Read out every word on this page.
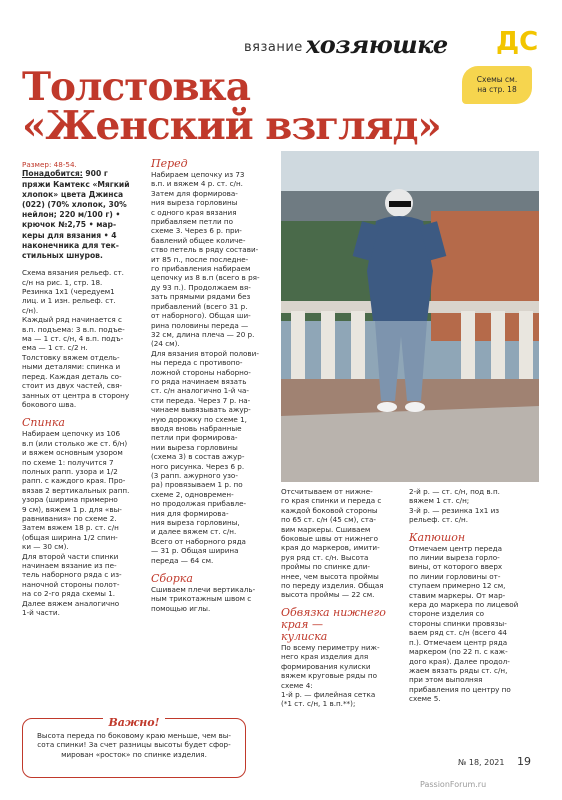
вязание хозяюшке ДС
Толстовка
«Женский взгляд»
Схемы см.
на стр. 18

Размер: 48-54.

Понадобится: 900 г
пряжи Камтекс «Мягкий
хлопок» цвета Джинса
(022) (70% хлопок, 30%
нейлон; 220 м/100 г) •
крючок №2,75 • мар-
керы для вязания • 4
наконечника для тек-
стильных шнуров.

Схема вязания рельеф. ст.

с/н на рис. 1, стр. 18.

Резинка 1x1 (чередуем1

лиц. и 1 изн. рельеф. ст.

с/н).

Каждый ряд начинается с

в.п. подъема: 3 в.п. подъе-

ма — 1 ст. с/н, 4 в.п. подъ-

ема — 1 ст. с/2 н.

Толстовку вяжем отдель-

ными деталями: спинка и

перед. Каждая деталь со-

стоит из двух частей, свя-

занных от центра в сторону

бокового шва.

Спинка

Набираем цепочку из 106

в.п (или столько же ст. б/н)

и вяжем основным узором

по схеме 1: получится 7

полных рапп. узора и 1/2

рапп. с каждого края. Про-

вязав 2 вертикальных рапп.

узора (ширина примерно

9 см), вяжем 1 р. для «вы-

равнивания» по схеме 2.

Затем вяжем 18 р. ст. с/н

(общая ширина 1/2 спин-

ки — 30 см).

Для второй части спинки

начинаем вязание из пе-

тель наборного ряда с из-

наночной стороны полот-

на со 2-го ряда схемы 1.

Далее вяжем аналогично

1-й части.

Перед

Набираем цепочку из 73

в.п. и вяжем 4 р. ст. с/н.

Затем для формирова-

ния выреза горловины

с одного края вязания

прибавляем петли по

схеме 3. Через 6 р. при-

бавлений общее количе-

ство петель в ряду состави-

ит 85 п., после последне-

го прибавления набираем

цепочку из 8 в.п (всего в ря-

ду 93 п.). Продолжаем вя-

зать прямыми рядами без

прибавлений (всего 31 р.

от наборного). Общая ши-

рина половины переда —

32 см, длина плеча — 20 р.

(24 см).

Для вязания второй полови-

ны переда с противопо-

ложной стороны наборно-

го ряда начинаем вязать

ст. с/н аналогично 1-й ча-

сти переда. Через 7 р. на-

чинаем вывязывать ажур-

ную дорожку по схеме 1,

вводя вновь набранные

петли при формирова-

нии выреза горловины

(схема 3) в состав ажур-

ного рисунка. Через 6 р.

(3 рапп. ажурного узо-

ра) провязываем 1 р. по

схеме 2, одновремен-

но продолжая прибавле-

ния для формирова-

ния выреза горловины,

и далее вяжем ст. с/н.

Всего от наборного ряда

— 31 р. Общая ширина

переда — 64 см.

Сборка

Сшиваем плечи вертикаль-

ным трикотажным швом с

помощью иглы.

Отсчитываем от нижне-

го края спинки и переда с

каждой боковой стороны

по 65 ст. с/н (45 см), ста-

вим маркеры. Сшиваем

боковые швы от нижнего

края до маркеров, имити-

руя ряд ст. с/н. Высота

проймы по спинке дли-

ннее, чем высота проймы

по переду изделия. Общая

высота проймы — 22 см.

Обвязка нижнего
края —
кулиска

По всему периметру ниж-

него края изделия для

формирования кулиски

вяжем круговые ряды по

схеме 4:

1-й р. — филейная сетка

(*1 ст. с/н, 1 в.п.**);

2-й р. — ст. с/н, под в.п.

вяжем 1 ст. с/н;

3-й р. — резинка 1x1 из

рельеф. ст. с/н.

Капюшон

Отмечаем центр переда

по линии выреза горло-

вины, от которого вверх

по линии горловины от-

ступаем примерно 12 см,

ставим маркеры. От мар-

кера до маркера по лицевой

стороне изделия со

стороны спинки провязы-

ваем ряд ст. с/н (всего 44

п.). Отмечаем центр ряда

маркером (по 22 п. с каж-

дого края). Далее продол-

жаем вязать ряды ст. с/н,

при этом выполняя

прибавления по центру по

схеме 5.

Важно!

Высота переда по боковому краю меньше, чем вы-

сота спинки! За счет разницы высоты будет сфор-

мирован «росток» по спинке изделия.

№ 18, 2021 19
PassionForum.ru
